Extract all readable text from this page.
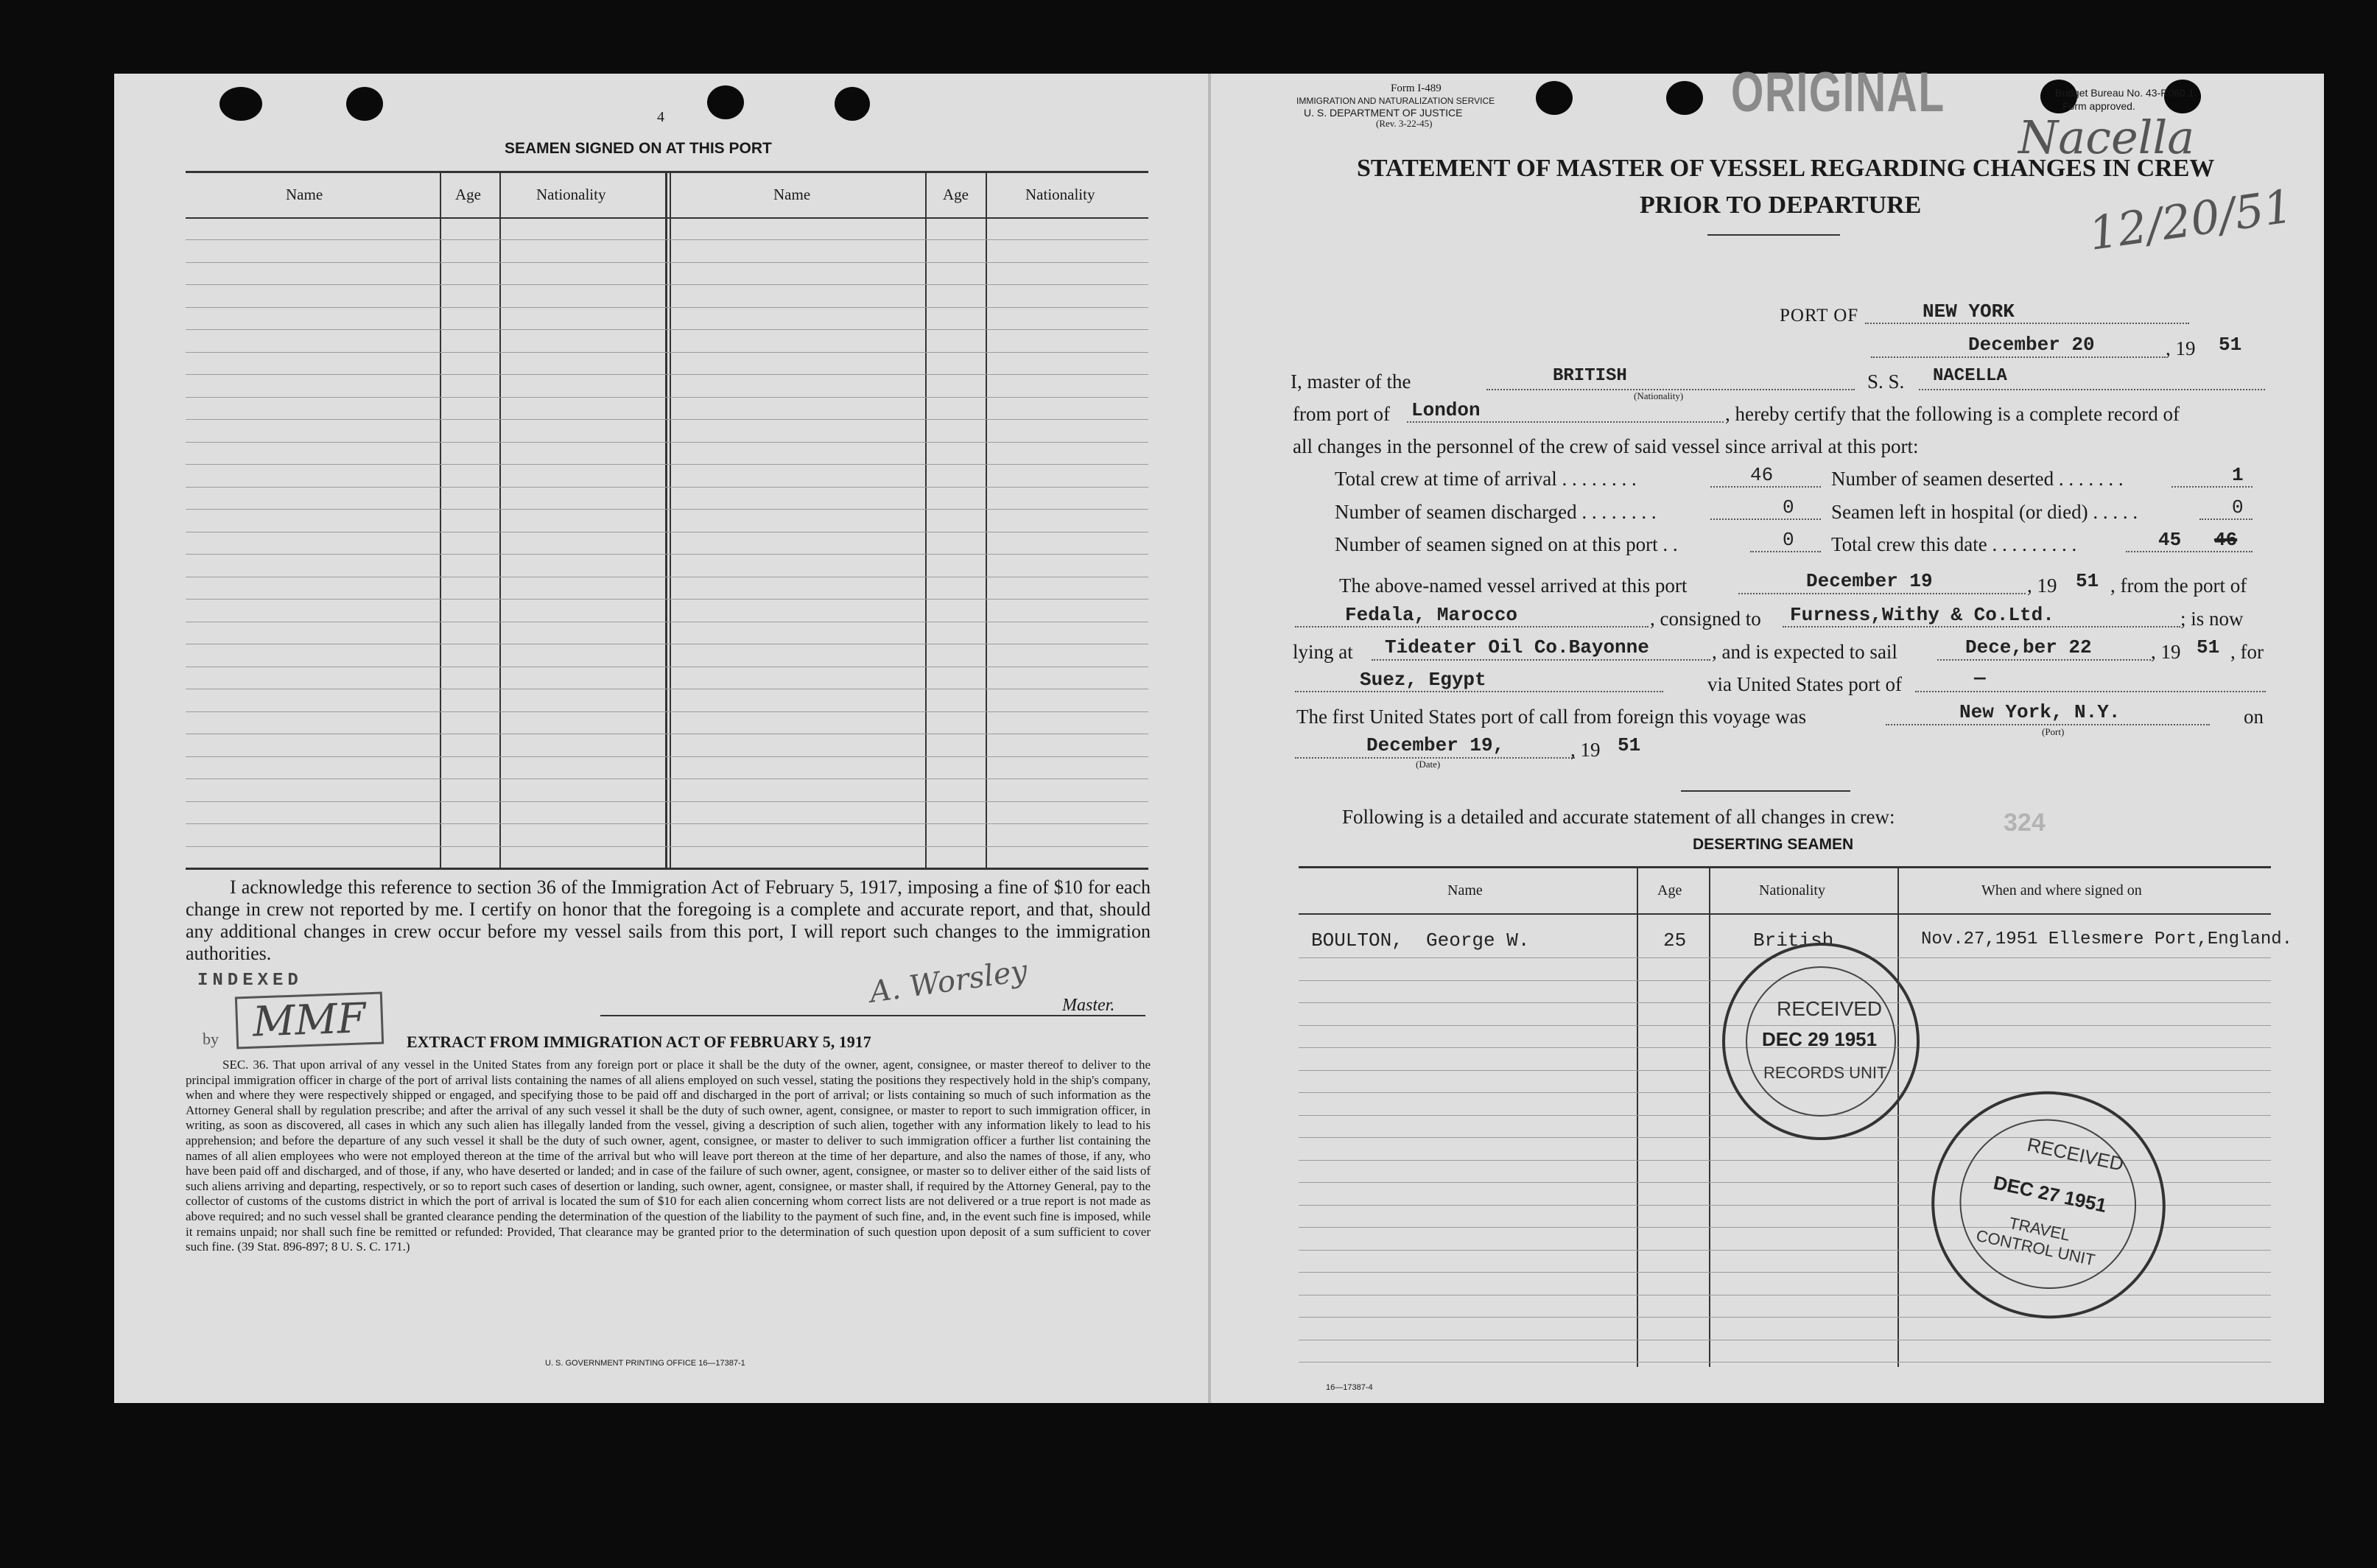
4
SEAMEN SIGNED ON AT THIS PORT
Name	Age	Nationality	Name	Age	Nationality
I acknowledge this reference to section 36 of the Immigration Act of February 5, 1917, imposing a fine of $10 for each change in crew not reported by me. I certify on honor that the foregoing is a complete and accurate report, and that, should any additional changes in crew occur before my vessel sails from this port, I will report such changes to the immigration authorities.
INDEXED
by MMF
A. Worsley Master.
EXTRACT FROM IMMIGRATION ACT OF FEBRUARY 5, 1917
SEC. 36. That upon arrival of any vessel in the United States from any foreign port or place it shall be the duty of the owner, agent, consignee, or master thereof to deliver to the principal immigration officer in charge of the port of arrival lists containing the names of all aliens employed on such vessel, stating the positions they respectively hold in the ship's company, when and where they were respectively shipped or engaged, and specifying those to be paid off and discharged in the port of arrival; or lists containing so much of such information as the Attorney General shall by regulation prescribe; and after the arrival of any such vessel it shall be the duty of such owner, agent, consignee, or master to report to such immigration officer, in writing, as soon as discovered, all cases in which any such alien has illegally landed from the vessel, giving a description of such alien, together with any information likely to lead to his apprehension; and before the departure of any such vessel it shall be the duty of such owner, agent, consignee, or master to deliver to such immigration officer a further list containing the names of all alien employees who were not employed thereon at the time of the arrival but who will leave port thereon at the time of her departure, and also the names of those, if any, who have been paid off and discharged, and of those, if any, who have deserted or landed; and in case of the failure of such owner, agent, consignee, or master so to deliver either of the said lists of such aliens arriving and departing, respectively, or so to report such cases of desertion or landing, such owner, agent, consignee, or master shall, if required by the Attorney General, pay to the collector of customs of the customs district in which the port of arrival is located the sum of $10 for each alien concerning whom correct lists are not delivered or a true report is not made as above required; and no such vessel shall be granted clearance pending the determination of the question of the liability to the payment of such fine, and, in the event such fine is imposed, while it remains unpaid; nor shall such fine be remitted or refunded: Provided, That clearance may be granted prior to the determination of such question upon deposit of a sum sufficient to cover such fine. (39 Stat. 896-897; 8 U. S. C. 171.)
U. S. GOVERNMENT PRINTING OFFICE 16—17387-1
Form I-489
IMMIGRATION AND NATURALIZATION SERVICE
U. S. DEPARTMENT OF JUSTICE
(Rev. 3-22-45)	ORIGINAL	Budget Bureau No. 43-R060.1.
Form approved.
Nacella
12/20/51
STATEMENT OF MASTER OF VESSEL REGARDING CHANGES IN CREW
PRIOR TO DEPARTURE
PORT OF	NEW YORK
December 20	, 19 51
I, master of the	BRITISH
(Nationality)
S. S. NACELLA
from port of London	, hereby certify that the following is a complete record of
all changes in the personnel of the crew of said vessel since arrival at this port:
Total crew at time of arrival . . . . . . . .	46	Number of seamen deserted . . . . . . .	1
Number of seamen discharged . . . . . . . .	0 Seamen left in hospital (or died) . . . . .	0
Number of seamen signed on at this port . .	0 Total crew this date . . . . . . . . .	45 46
The above-named vessel arrived at this port	December 19	, 19 51 , from the port of
Fedala, Marocco	, consigned to Furness,Withy & Co.Ltd.	; is now
lying at Tideater Oil Co.Bayonne	, and is expected to sail	Dece,ber 22	, 19 51 , for
Suez, Egypt	via United States port of	—
The first United States port of call from foreign this voyage was	New York, N.Y.
(Port)
on
December 19,	, 19 51
(Date)
Following is a detailed and accurate statement of all changes in crew:	324
DESERTING SEAMEN
Name	Age	Nationality	When and where signed on
BOULTON,  George W.	25	British	Nov.27,1951 Ellesmere Port,England.
RECEIVED
DEC 29 1951
RECORDS UNIT
RECEIVED
DEC 27 1951
TRAVEL CONTROL UNIT
16—17387-4
